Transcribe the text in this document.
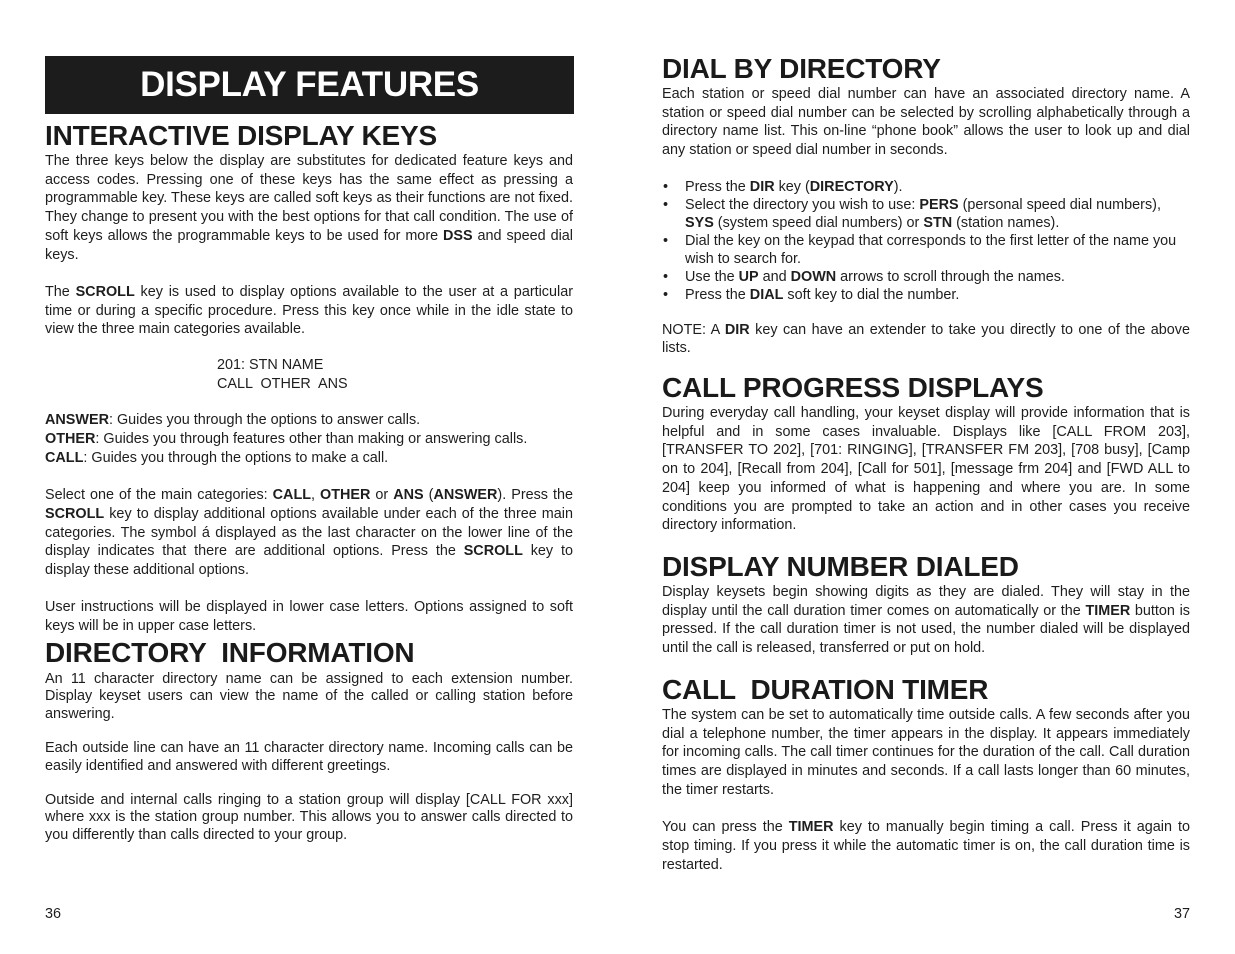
DISPLAY FEATURES
INTERACTIVE DISPLAY KEYS

The three keys below the display are substitutes for dedicated feature keys and access codes. Pressing one of these keys has the same effect as pressing a programmable key. These keys are called soft keys as their functions are not fixed. They change to present you with the best options for that call condition. The use of soft keys allows the programmable keys to be used for more DSS and speed dial keys.

The SCROLL key is used to display options available to the user at a particular time or during a specific procedure. Press this key once while in the idle state to view the three main categories available.

201: STN NAME
CALL  OTHER  ANS

ANSWER: Guides you through the options to answer calls.
OTHER: Guides you through features other than making or answering calls.
CALL: Guides you through the options to make a call.

Select one of the main categories: CALL, OTHER or ANS (ANSWER). Press the SCROLL key to display additional options available under each of the three main categories. The symbol á displayed as the last character on the lower line of the display indicates that there are additional options. Press the SCROLL key to display these additional options.

User instructions will be displayed in lower case letters. Options assigned to soft keys will be in upper case letters.

DIRECTORY  INFORMATION

An 11 character directory name can be assigned to each extension number. Display keyset users can view the name of the called or calling station before answering.

Each outside line can have an 11 character directory name. Incoming calls can be easily identified and answered with different greetings.

Outside and internal calls ringing to a station group will display [CALL FOR xxx] where xxx is the station group number. This allows you to answer calls directed to you differently than calls directed to your group.

36
DIAL BY DIRECTORY

Each station or speed dial number can have an associated directory name. A station or speed dial number can be selected by scrolling alphabetically through a directory name list. This on-line “phone book” allows the user to look up and dial any station or speed dial number in seconds.

• Press the DIR key (DIRECTORY).
• Select the directory you wish to use: PERS (personal speed dial numbers), SYS (system speed dial numbers) or STN (station names).
• Dial the key on the keypad that corresponds to the first letter of the name you wish to search for.
• Use the UP and DOWN arrows to scroll through the names.
• Press the DIAL soft key to dial the number.

NOTE: A DIR key can have an extender to take you directly to one of the above lists.

CALL PROGRESS DISPLAYS

During everyday call handling, your keyset display will provide information that is helpful and in some cases invaluable. Displays like [CALL FROM 203], [TRANSFER TO 202], [701: RINGING], [TRANSFER FM 203], [708 busy], [Camp on to 204], [Recall from 204], [Call for 501], [message frm 204] and [FWD ALL to 204] keep you informed of what is happening and where you are. In some conditions you are prompted to take an action and in other cases you receive directory information.

DISPLAY NUMBER DIALED

Display keysets begin showing digits as they are dialed. They will stay in the display until the call duration timer comes on automatically or the TIMER button is pressed. If the call duration timer is not used, the number dialed will be displayed until the call is released, transferred or put on hold.

CALL  DURATION TIMER

The system can be set to automatically time outside calls. A few seconds after you dial a telephone number, the timer appears in the display. It appears immediately for incoming calls. The call timer continues for the duration of the call. Call duration times are displayed in minutes and seconds. If a call lasts longer than 60 minutes, the timer restarts.

You can press the TIMER key to manually begin timing a call. Press it again to stop timing. If you press it while the automatic timer is on, the call duration time is restarted.

37
